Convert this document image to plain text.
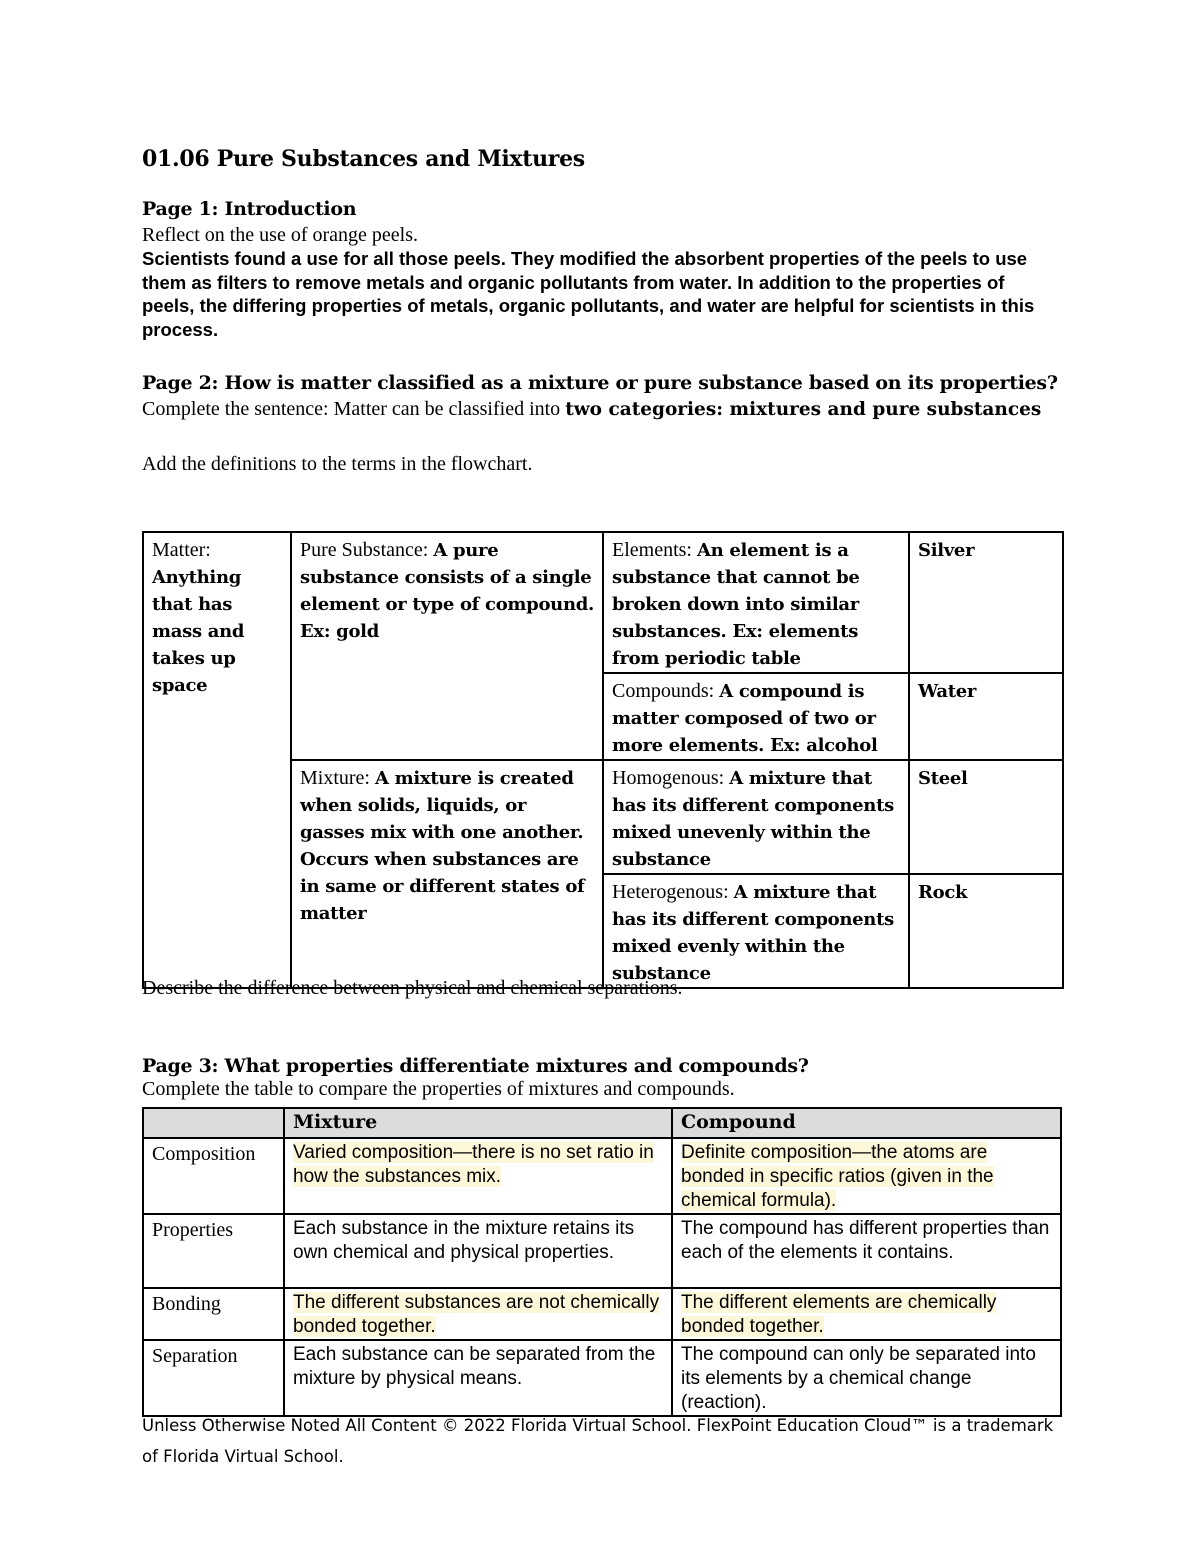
01.06 Pure Substances and Mixtures
Page 1: Introduction
Reflect on the use of orange peels.
Scientists found a use for all those peels. They modified the absorbent properties of the peels to use them as filters to remove metals and organic pollutants from water. In addition to the properties of peels, the differing properties of metals, organic pollutants, and water are helpful for scientists in this process.
Page 2: How is matter classified as a mixture or pure substance based on its properties?
Complete the sentence: Matter can be classified into two categories: mixtures and pure substances
Add the definitions to the terms in the flowchart.
Matter:
Anything that has mass and takes up space	Pure Substance: A pure substance consists of a single element or type of compound. Ex: gold	Elements: An element is a substance that cannot be broken down into similar substances. Ex: elements from periodic table	Silver
		Compounds: A compound is matter composed of two or more elements. Ex: alcohol	Water
	Mixture: A mixture is created when solids, liquids, or gasses mix with one another. Occurs when substances are in same or different states of matter	Homogenous: A mixture that has its different components mixed unevenly within the substance	Steel
		Heterogenous: A mixture that has its different components mixed evenly within the substance	Rock
Describe the difference between physical and chemical separations.
Page 3: What properties differentiate mixtures and compounds?
Complete the table to compare the properties of mixtures and compounds.
	Mixture	Compound
Composition	Varied composition—there is no set ratio in how the substances mix.	Definite composition—the atoms are bonded in specific ratios (given in the chemical formula).
Properties	Each substance in the mixture retains its own chemical and physical properties.	The compound has different properties than each of the elements it contains.
Bonding	The different substances are not chemically bonded together.	The different elements are chemically bonded together.
Separation	Each substance can be separated from the mixture by physical means.	The compound can only be separated into its elements by a chemical change (reaction).
Unless Otherwise Noted All Content © 2022 Florida Virtual School. FlexPoint Education Cloud™ is a trademark of Florida Virtual School.
